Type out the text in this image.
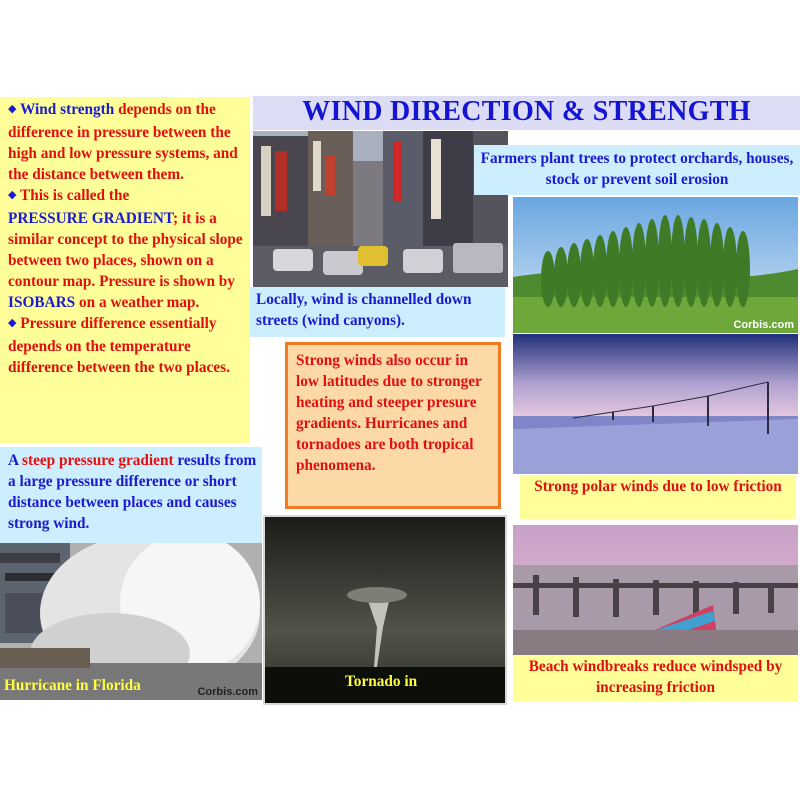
WIND DIRECTION & STRENGTH
◆ Wind strength depends on the difference in pressure between the high and low pressure systems, and the distance between them.
◆ This is called the
PRESSURE GRADIENT; it is a similar concept to the physical slope between two places, shown on a contour map. Pressure is shown by ISOBARS on a weather map.
◆ Pressure difference essentially depends on the temperature difference between the two places.
A steep pressure gradient results from a large pressure difference or short distance between places and causes strong wind.
Locally, wind is channelled down streets (wind canyons).
Farmers plant trees to protect orchards, houses, stock or prevent soil erosion
Corbis.com
Strong polar winds due to low friction
Strong winds also occur in low latitudes due to stronger heating and steeper presure gradients. Hurricanes and tornadoes are both tropical phenomena.
Corbis.com
Hurricane in Florida	Tornado in
Beach windbreaks reduce windsped by increasing friction
